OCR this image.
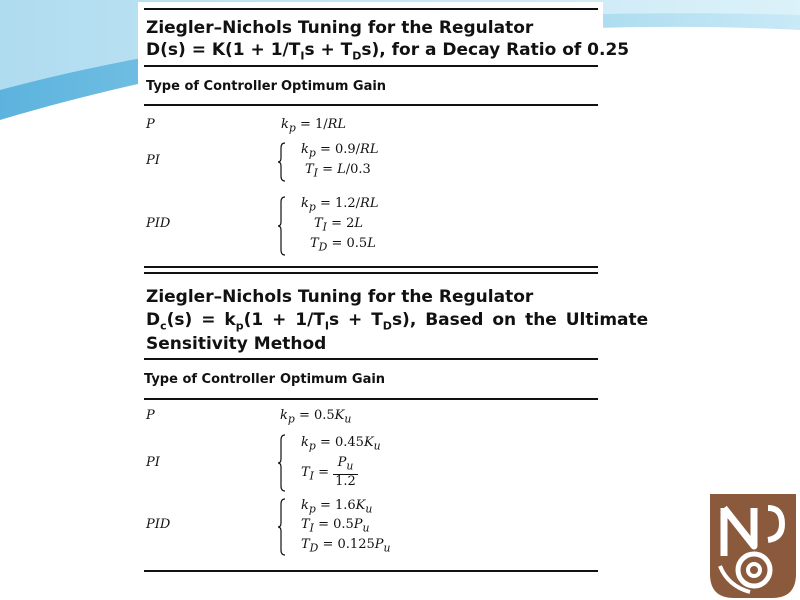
Ziegler–Nichols Tuning for the Regulator
$D(s) = K(1 + 1/T_Is + T_Ds)$, for a Decay Ratio of 0.25
Type of Controller Optimum Gain
P	$k_p = 1/RL$
PI
$k_p = 0.9/RL$
$T_I = L/0.3$
PID
$k_p = 1.2/RL$
$T_I = 2L$
$T_D = 0.5L$
Ziegler–Nichols Tuning for the Regulator
$D_c(s) = k_p(1 + 1/T_Is + T_Ds)$, Based on the Ultimate
Sensitivity Method
Type of Controller Optimum Gain
P	$k_p = 0.5K_u$
PI
$k_p = 0.45K_u$
$T_I = \frac{P_u}{1.2}$
PID
$k_p = 1.6K_u$
$T_I = 0.5P_u$
$T_D = 0.125P_u$
